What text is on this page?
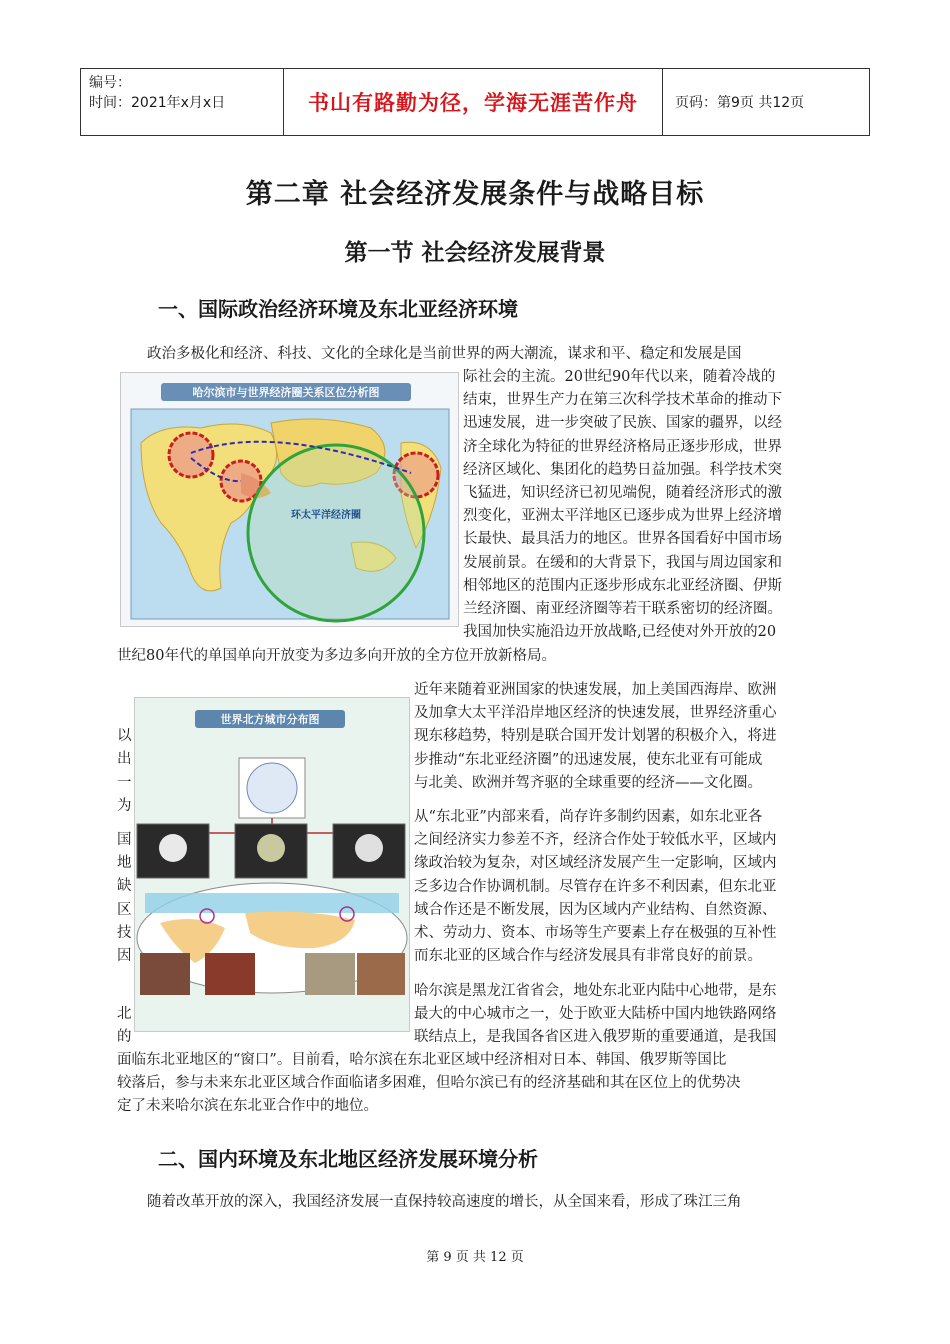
编号：
时间：2021年x月x日	书山有路勤为径，学海无涯苦作舟	页码：第9页 共12页
第二章 社会经济发展条件与战略目标
第一节 社会经济发展背景
一、国际政治经济环境及东北亚经济环境
政治多极化和经济、科技、文化的全球化是当前世界的两大潮流，谋求和平、稳定和发展是国
哈尔滨市与世界经济圈关系区位分析图
环太平洋经济圈
际社会的主流。20世纪90年代以来，随着冷战的
结束，世界生产力在第三次科学技术革命的推动下
迅速发展，进一步突破了民族、国家的疆界，以经
济全球化为特征的世界经济格局正逐步形成，世界
经济区域化、集团化的趋势日益加强。科学技术突
飞猛进，知识经济已初见端倪，随着经济形式的激
烈变化，亚洲太平洋地区已逐步成为世界上经济增
长最快、最具活力的地区。世界各国看好中国市场
发展前景。在缓和的大背景下，我国与周边国家和
相邻地区的范围内正逐步形成东北亚经济圈、伊斯
兰经济圈、南亚经济圈等若干联系密切的经济圈。
我国加快实施沿边开放战略,已经使对外开放的20
世纪80年代的单国单向开放变为多边多向开放的全方位开放新格局。
世界北方城市分布图
以
出
一
为
近年来随着亚洲国家的快速发展，加上美国西海岸、欧洲
及加拿大太平洋沿岸地区经济的快速发展，世界经济重心
现东移趋势，特别是联合国开发计划署的积极介入，将进
步推动“东北亚经济圈”的迅速发展，使东北亚有可能成
与北美、欧洲并驾齐驱的全球重要的经济——文化圈。
国
地
缺
区
技
因
从“东北亚”内部来看，尚存许多制约因素，如东北亚各
之间经济实力参差不齐，经济合作处于较低水平，区域内
缘政治较为复杂，对区域经济发展产生一定影响，区域内
乏多边合作协调机制。尽管存在许多不利因素，但东北亚
域合作还是不断发展，因为区域内产业结构、自然资源、
术、劳动力、资本、市场等生产要素上存在极强的互补性
而东北亚的区域合作与经济发展具有非常良好的前景。
北
的
哈尔滨是黑龙江省省会，地处东北亚内陆中心地带，是东
最大的中心城市之一，处于欧亚大陆桥中国内地铁路网络
联结点上，是我国各省区进入俄罗斯的重要通道，是我国
面临东北亚地区的“窗口”。目前看，哈尔滨在东北亚区域中经济相对日本、韩国、俄罗斯等国比
较落后，参与未来东北亚区域合作面临诸多困难，但哈尔滨已有的经济基础和其在区位上的优势决
定了未来哈尔滨在东北亚合作中的地位。
二、国内环境及东北地区经济发展环境分析
随着改革开放的深入，我国经济发展一直保持较高速度的增长，从全国来看，形成了珠江三角
第 9 页 共 12 页
